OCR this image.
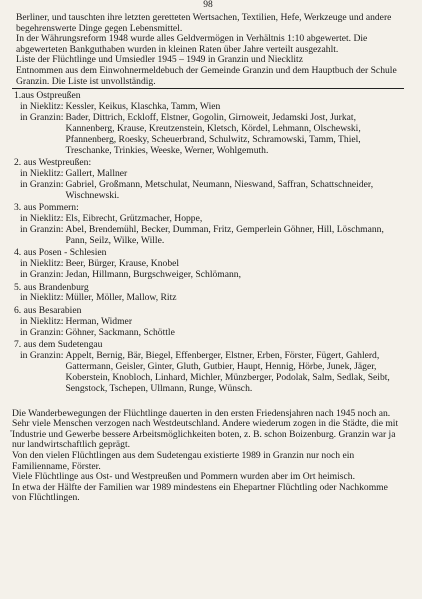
98

Berliner, und tauschten ihre letzten geretteten Wertsachen, Textilien, Hefe, Werkzeuge und andere begehrenswerte Dinge gegen Lebensmittel.

In der Währungsreform 1948 wurde alles Geldvermögen in Verhältnis 1:10 abgewertet. Die abgewerteten Bankguthaben wurden in kleinen Raten über Jahre verteilt ausgezahlt.

Liste der Flüchtlinge und Umsiedler 1945 – 1949 in Granzin und Niecklitz

Entnommen aus dem Einwohnermeldebuch der Gemeinde Granzin und dem Hauptbuch der Schule Granzin. Die Liste ist unvollständig.

1.aus Ostpreußen
in Nieklitz: Kessler, Keikus, Klaschka, Tamm, Wien
in Granzin: Bader, Dittrich, Eckloff, Elstner, Gogolin, Girnoweit, Jedamski Jost, Jurkat, Kannenberg, Krause, Kreutzenstein, Kletsch, Kördel, Lehmann, Olschewski, Pfannenberg, Roesky, Scheuerbrand, Schulwitz, Schramowski, Tamm, Thiel, Treschanke, Trinkies, Weeske, Werner, Wohlgemuth.
2. aus Westpreußen:
in Nieklitz: Gallert, Mallner
in Granzin: Gabriel, Großmann, Metschulat, Neumann, Nieswand, Saffran, Schattschneider, Wischnewski.
3. aus Pommern:
in Nieklitz: Els, Eibrecht, Grützmacher, Hoppe,
in Granzin: Abel, Brendemühl, Becker, Dumman, Fritz, Gemperlein Göhner, Hill, Löschmann, Pann, Seilz, Wilke, Wille.
4. aus Posen - Schlesien
in Nieklitz: Beer, Bürger, Krause, Knobel
in Granzin: Jedan, Hillmann, Burgschweiger, Schlömann,
5. aus Brandenburg
in Nieklitz: Müller, Möller, Mallow, Ritz
6. aus Besarabien
in Nieklitz: Herman, Widmer
in Granzin: Göhner, Sackmann, Schöttle
7. aus dem Sudetengau
in Granzin: Appelt, Bernig, Bär, Biegel, Effenberger, Elstner, Erben, Förster, Fügert, Gahlerd, Gattermann, Geisler, Ginter, Gluth, Gutbier, Haupt, Hennig, Hörbe, Junek, Jäger, Koberstein, Knobloch, Linhard, Michler, Münzberger, Podolak, Salm, Sedlak, Seibt, Sengstock, Tschepen, Ullmann, Runge, Wünsch.
,

Die Wanderbewegungen der Flüchtlinge dauerten in den ersten Friedensjahren nach 1945 noch an. Sehr viele Menschen verzogen nach Westdeutschland. Andere wiederum zogen in die Städte, die mit Industrie und Gewerbe bessere Arbeitsmöglichkeiten boten, z. B. schon Boizenburg. Granzin war ja nur landwirtschaftlich geprägt.

Von den vielen Flüchtlingen aus dem Sudetengau existierte 1989 in Granzin nur noch ein Familienname, Förster.

Viele Flüchtlinge aus Ost- und Westpreußen und Pommern wurden aber im Ort heimisch.

In etwa der Hälfte der Familien war 1989 mindestens ein Ehepartner Flüchtling oder Nachkomme von Flüchtlingen.
